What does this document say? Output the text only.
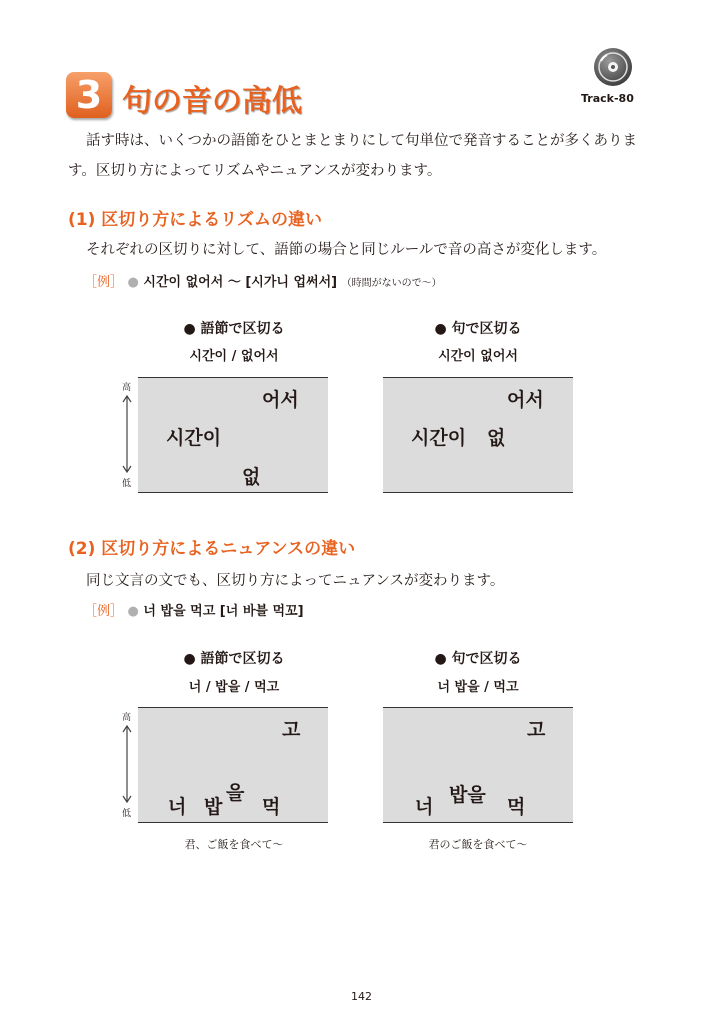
3 句の音の高低	Track-80
話す時は、いくつかの語節をひとまとまりにして句単位で発音することが多くあります。区切り方によってリズムやニュアンスが変わります。
(1) 区切り方によるリズムの違い
それぞれの区切りに対して、語節の場合と同じルールで音の高さが変化します。
［例］ ● 시간이 없어서 ～ [시가니 업써서] （時間がないので～）
● 語節で区切る
시간이 / 없어서
高
低
어서
시간이
없
● 句で区切る
시간이 없어서
어서
시간이 없
(2) 区切り方によるニュアンスの違い
同じ文言の文でも、区切り方によってニュアンスが変わります。
［例］ ● 너 밥을 먹고 [너 바블 먹꼬]
● 語節で区切る
너 / 밥을 / 먹고
高
低
고
너 밥
을
먹
君、ご飯を食べて～
● 句で区切る
너 밥을 / 먹고
고
너
밥을
먹
君のご飯を食べて～
142
